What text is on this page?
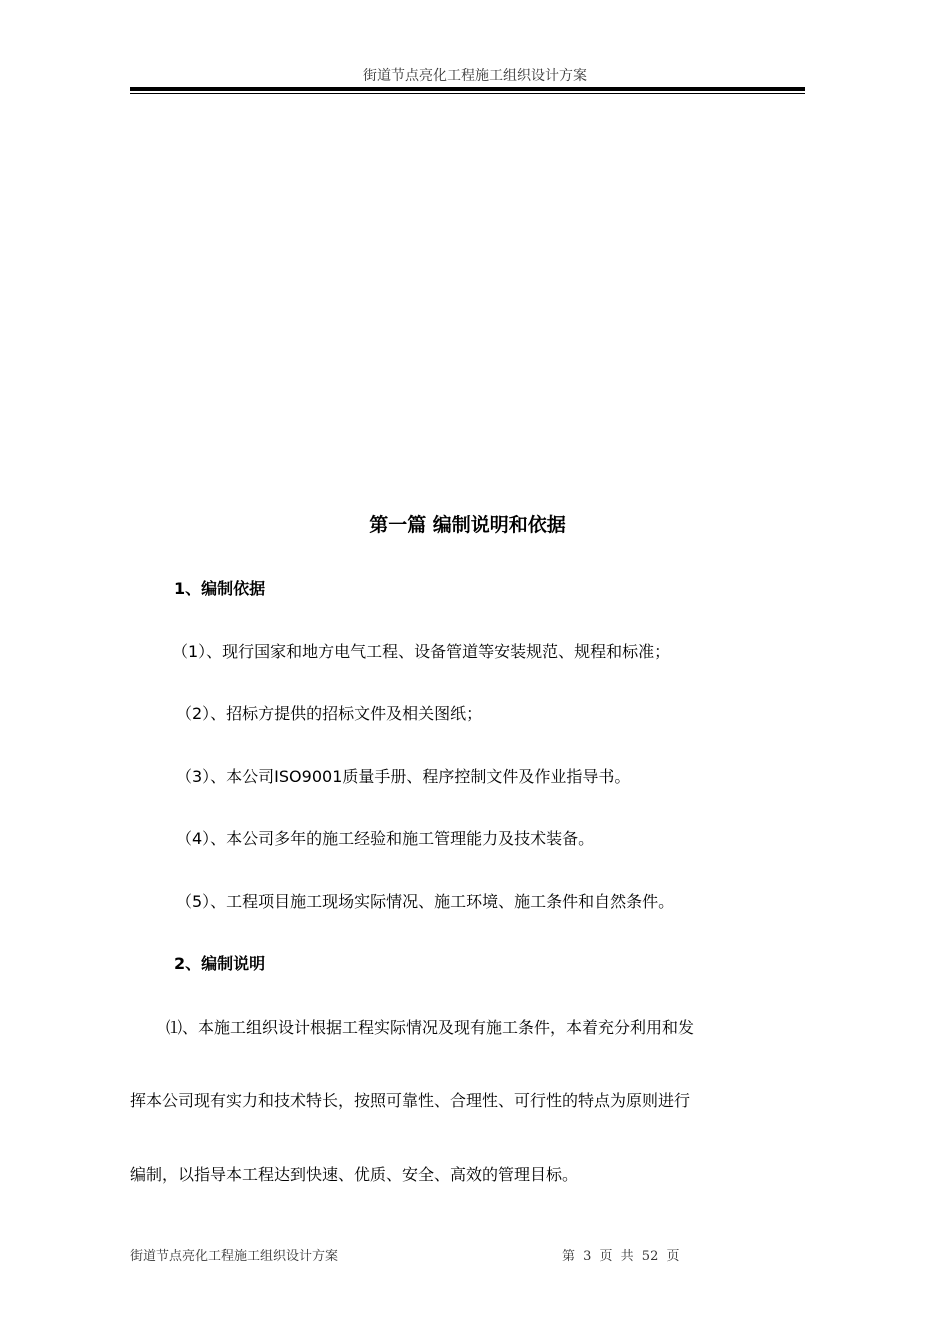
街道节点亮化工程施工组织设计方案
第一篇 编制说明和依据
1、编制依据
（1）、现行国家和地方电气工程、设备管道等安装规范、规程和标准；
（2）、招标方提供的招标文件及相关图纸；
（3）、本公司ISO9001质量手册、程序控制文件及作业指导书。
（4）、本公司多年的施工经验和施工管理能力及技术装备。
（5）、工程项目施工现场实际情况、施工环境、施工条件和自然条件。
2、编制说明
⑴、本施工组织设计根据工程实际情况及现有施工条件，本着充分利用和发
挥本公司现有实力和技术特长，按照可靠性、合理性、可行性的特点为原则进行
编制，以指导本工程达到快速、优质、安全、高效的管理目标。
街道节点亮化工程施工组织设计方案	第 3 页 共 52 页
